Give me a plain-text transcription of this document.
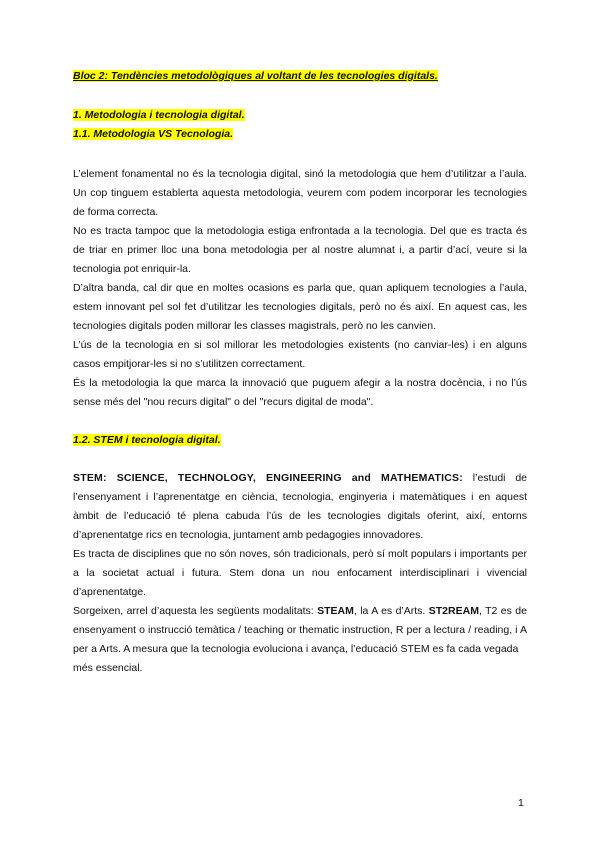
Bloc 2: Tendències metodològiques al voltant de les tecnologies digitals.
1. Metodologia i tecnologia digital.
1.1. Metodologia VS Tecnologia.

L’element fonamental no és la tecnologia digital, sinó la metodologia que hem d’utilitzar a l’aula. Un cop tinguem establerta aquesta metodologia, veurem com podem incorporar les tecnologies de forma correcta.

No es tracta tampoc que la metodologia estiga enfrontada a la tecnologia. Del que es tracta és de triar en primer lloc una bona metodologia per al nostre alumnat i, a partir d’ací, veure si la tecnologia pot enriquir-la.

D’altra banda, cal dir que en moltes ocasions es parla que, quan apliquem tecnologies a l’aula, estem innovant pel sol fet d’utilitzar les tecnologies digitals, però no és així. En aquest cas, les tecnologies digitals poden millorar les classes magistrals, però no les canvien.

L’ús de la tecnologia en si sol millorar les metodologies existents (no canviar-les) i en alguns casos empitjorar-les si no s’utilitzen correctament.

És la metodologia la que marca la innovació que puguem afegir a la nostra docència, i no l’ús sense més del "nou recurs digital" o del "recurs digital de moda".

1.2. STEM i tecnologia digital.

STEM: SCIENCE, TECHNOLOGY, ENGINEERING and MATHEMATICS: l’estudi de l’ensenyament i l’aprenentatge en ciència, tecnologia, enginyeria i matemàtiques i en aquest àmbit de l’educació té plena cabuda l’ús de les tecnologies digitals oferint, així, entorns d’aprenentatge rics en tecnologia, juntament amb pedagogies innovadores.

Es tracta de disciplines que no són noves, són tradicionals, però sí molt populars i importants per a la societat actual i futura. Stem dona un nou enfocament interdisciplinari i vivencial d’aprenentatge.

Sorgeixen, arrel d’aquesta les següents modalitats: STEAM, la A es d’Arts. ST2REAM, T2 es de ensenyament o instrucció temàtica / teaching or thematic instruction, R per a lectura / reading, i A per a Arts. A mesura que la tecnologia evoluciona i avança, l’educació STEM es fa cada vegada

més essencial.

1
